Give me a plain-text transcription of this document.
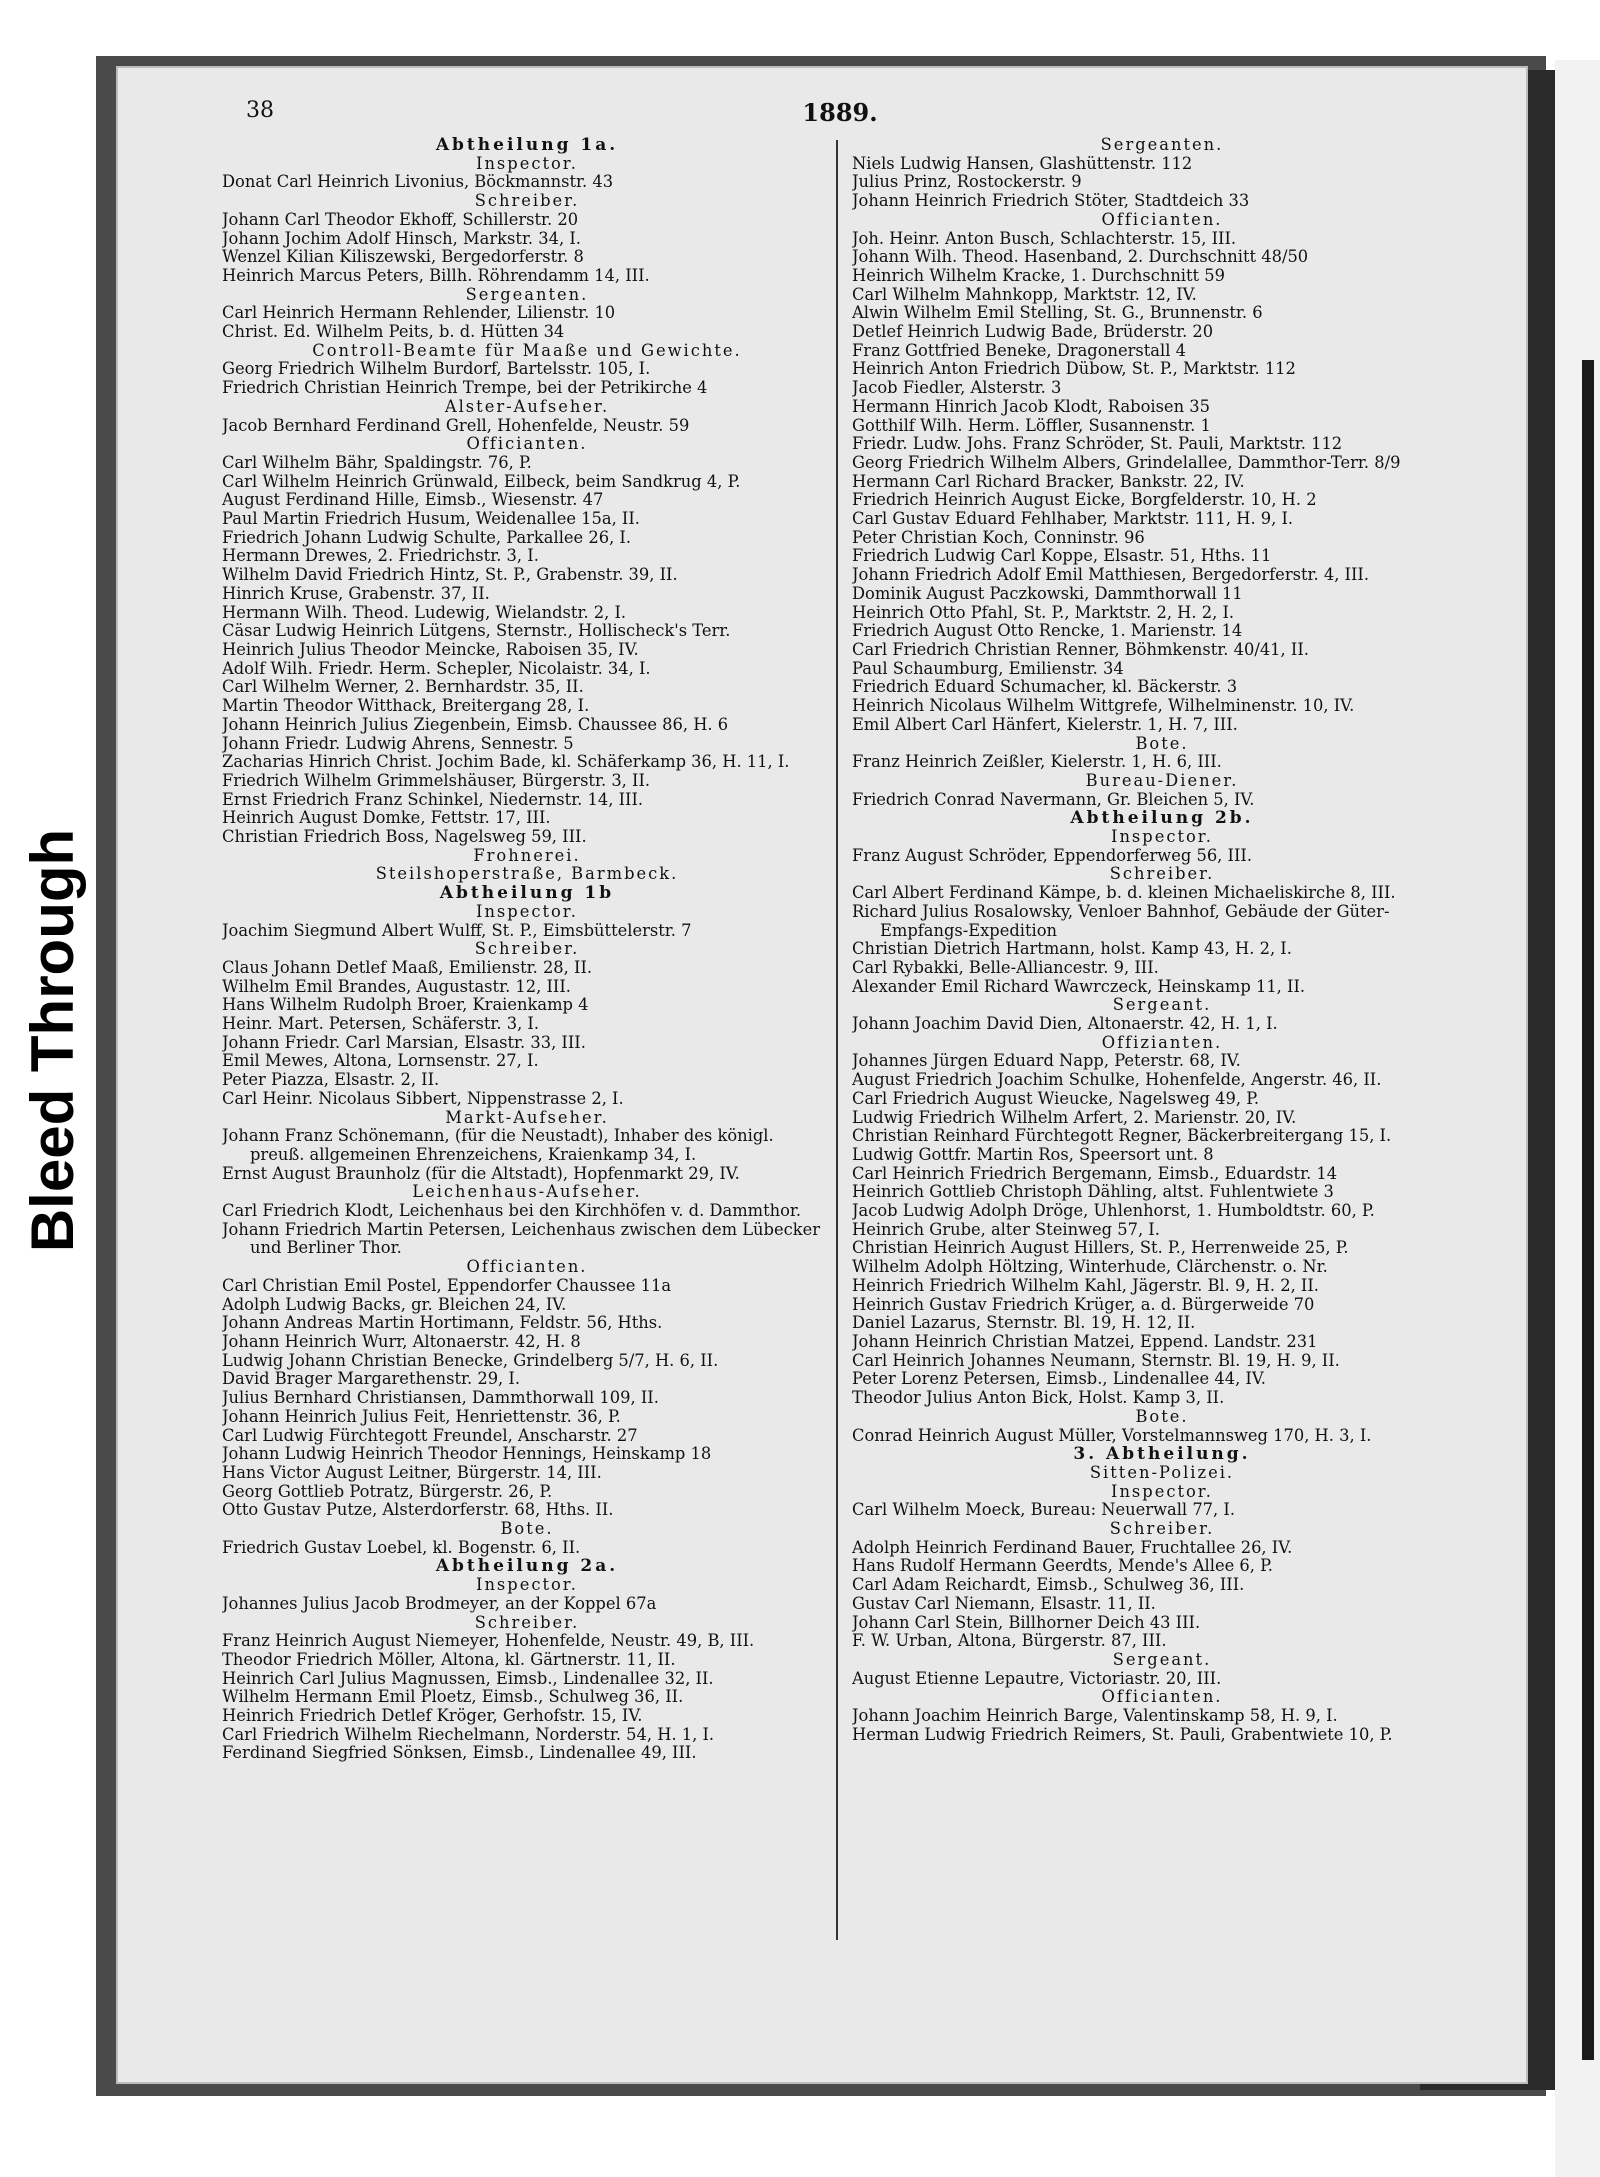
Bleed Through
38	1889.
Abtheilung 1a.
Inspector.
Donat Carl Heinrich Livonius, Böckmannstr. 43
Schreiber.
Johann Carl Theodor Ekhoff, Schillerstr. 20
Johann Jochim Adolf Hinsch, Markstr. 34, I.
Wenzel Kilian Kiliszewski, Bergedorferstr. 8
Heinrich Marcus Peters, Billh. Röhrendamm 14, III.
Sergeanten.
Carl Heinrich Hermann Rehlender, Lilienstr. 10
Christ. Ed. Wilhelm Peits, b. d. Hütten 34
Controll-Beamte für Maaße und Gewichte.
Georg Friedrich Wilhelm Burdorf, Bartelsstr. 105, I.
Friedrich Christian Heinrich Trempe, bei der Petrikirche 4
Alster-Aufseher.
Jacob Bernhard Ferdinand Grell, Hohenfelde, Neustr. 59
Officianten.
Carl Wilhelm Bähr, Spaldingstr. 76, P.
Carl Wilhelm Heinrich Grünwald, Eilbeck, beim Sandkrug 4, P.
August Ferdinand Hille, Eimsb., Wiesenstr. 47
Paul Martin Friedrich Husum, Weidenallee 15a, II.
Friedrich Johann Ludwig Schulte, Parkallee 26, I.
Hermann Drewes, 2. Friedrichstr. 3, I.
Wilhelm David Friedrich Hintz, St. P., Grabenstr. 39, II.
Hinrich Kruse, Grabenstr. 37, II.
Hermann Wilh. Theod. Ludewig, Wielandstr. 2, I.
Cäsar Ludwig Heinrich Lütgens, Sternstr., Hollischeck's Terr.
Heinrich Julius Theodor Meincke, Raboisen 35, IV.
Adolf Wilh. Friedr. Herm. Schepler, Nicolaistr. 34, I.
Carl Wilhelm Werner, 2. Bernhardstr. 35, II.
Martin Theodor Witthack, Breitergang 28, I.
Johann Heinrich Julius Ziegenbein, Eimsb. Chaussee 86, H. 6
Johann Friedr. Ludwig Ahrens, Sennestr. 5
Zacharias Hinrich Christ. Jochim Bade, kl. Schäferkamp 36, H. 11, I.
Friedrich Wilhelm Grimmelshäuser, Bürgerstr. 3, II.
Ernst Friedrich Franz Schinkel, Niedernstr. 14, III.
Heinrich August Domke, Fettstr. 17, III.
Christian Friedrich Boss, Nagelsweg 59, III.
Frohnerei.
Steilshoperstraße, Barmbeck.
Abtheilung 1b
Inspector.
Joachim Siegmund Albert Wulff, St. P., Eimsbüttelerstr. 7
Schreiber.
Claus Johann Detlef Maaß, Emilienstr. 28, II.
Wilhelm Emil Brandes, Augustastr. 12, III.
Hans Wilhelm Rudolph Broer, Kraienkamp 4
Heinr. Mart. Petersen, Schäferstr. 3, I.
Johann Friedr. Carl Marsian, Elsastr. 33, III.
Emil Mewes, Altona, Lornsenstr. 27, I.
Peter Piazza, Elsastr. 2, II.
Carl Heinr. Nicolaus Sibbert, Nippenstrasse 2, I.
Markt-Aufseher.
Johann Franz Schönemann, (für die Neustadt), Inhaber des königl.
preuß. allgemeinen Ehrenzeichens, Kraienkamp 34, I.
Ernst August Braunholz (für die Altstadt), Hopfenmarkt 29, IV.
Leichenhaus-Aufseher.
Carl Friedrich Klodt, Leichenhaus bei den Kirchhöfen v. d. Dammthor.
Johann Friedrich Martin Petersen, Leichenhaus zwischen dem Lübecker
und Berliner Thor.
Officianten.
Carl Christian Emil Postel, Eppendorfer Chaussee 11a
Adolph Ludwig Backs, gr. Bleichen 24, IV.
Johann Andreas Martin Hortimann, Feldstr. 56, Hths.
Johann Heinrich Wurr, Altonaerstr. 42, H. 8
Ludwig Johann Christian Benecke, Grindelberg 5/7, H. 6, II.
David Brager Margarethenstr. 29, I.
Julius Bernhard Christiansen, Dammthorwall 109, II.
Johann Heinrich Julius Feit, Henriettenstr. 36, P.
Carl Ludwig Fürchtegott Freundel, Anscharstr. 27
Johann Ludwig Heinrich Theodor Hennings, Heinskamp 18
Hans Victor August Leitner, Bürgerstr. 14, III.
Georg Gottlieb Potratz, Bürgerstr. 26, P.
Otto Gustav Putze, Alsterdorferstr. 68, Hths. II.
Bote.
Friedrich Gustav Loebel, kl. Bogenstr. 6, II.
Abtheilung 2a.
Inspector.
Johannes Julius Jacob Brodmeyer, an der Koppel 67a
Schreiber.
Franz Heinrich August Niemeyer, Hohenfelde, Neustr. 49, B, III.
Theodor Friedrich Möller, Altona, kl. Gärtnerstr. 11, II.
Heinrich Carl Julius Magnussen, Eimsb., Lindenallee 32, II.
Wilhelm Hermann Emil Ploetz, Eimsb., Schulweg 36, II.
Heinrich Friedrich Detlef Kröger, Gerhofstr. 15, IV.
Carl Friedrich Wilhelm Riechelmann, Norderstr. 54, H. 1, I.
Ferdinand Siegfried Sönksen, Eimsb., Lindenallee 49, III.
Sergeanten.
Niels Ludwig Hansen, Glashüttenstr. 112
Julius Prinz, Rostockerstr. 9
Johann Heinrich Friedrich Stöter, Stadtdeich 33
Officianten.
Joh. Heinr. Anton Busch, Schlachterstr. 15, III.
Johann Wilh. Theod. Hasenband, 2. Durchschnitt 48/50
Heinrich Wilhelm Kracke, 1. Durchschnitt 59
Carl Wilhelm Mahnkopp, Marktstr. 12, IV.
Alwin Wilhelm Emil Stelling, St. G., Brunnenstr. 6
Detlef Heinrich Ludwig Bade, Brüderstr. 20
Franz Gottfried Beneke, Dragonerstall 4
Heinrich Anton Friedrich Dübow, St. P., Marktstr. 112
Jacob Fiedler, Alsterstr. 3
Hermann Hinrich Jacob Klodt, Raboisen 35
Gotthilf Wilh. Herm. Löffler, Susannenstr. 1
Friedr. Ludw. Johs. Franz Schröder, St. Pauli, Marktstr. 112
Georg Friedrich Wilhelm Albers, Grindelallee, Dammthor-Terr. 8/9
Hermann Carl Richard Bracker, Bankstr. 22, IV.
Friedrich Heinrich August Eicke, Borgfelderstr. 10, H. 2
Carl Gustav Eduard Fehlhaber, Marktstr. 111, H. 9, I.
Peter Christian Koch, Conninstr. 96
Friedrich Ludwig Carl Koppe, Elsastr. 51, Hths. 11
Johann Friedrich Adolf Emil Matthiesen, Bergedorferstr. 4, III.
Dominik August Paczkowski, Dammthorwall 11
Heinrich Otto Pfahl, St. P., Marktstr. 2, H. 2, I.
Friedrich August Otto Rencke, 1. Marienstr. 14
Carl Friedrich Christian Renner, Böhmkenstr. 40/41, II.
Paul Schaumburg, Emilienstr. 34
Friedrich Eduard Schumacher, kl. Bäckerstr. 3
Heinrich Nicolaus Wilhelm Wittgrefe, Wilhelminenstr. 10, IV.
Emil Albert Carl Hänfert, Kielerstr. 1, H. 7, III.
Bote.
Franz Heinrich Zeißler, Kielerstr. 1, H. 6, III.
Bureau-Diener.
Friedrich Conrad Navermann, Gr. Bleichen 5, IV.
Abtheilung 2b.
Inspector.
Franz August Schröder, Eppendorferweg 56, III.
Schreiber.
Carl Albert Ferdinand Kämpe, b. d. kleinen Michaeliskirche 8, III.
Richard Julius Rosalowsky, Venloer Bahnhof, Gebäude der Güter-
Empfangs-Expedition
Christian Dietrich Hartmann, holst. Kamp 43, H. 2, I.
Carl Rybakki, Belle-Alliancestr. 9, III.
Alexander Emil Richard Wawrczeck, Heinskamp 11, II.
Sergeant.
Johann Joachim David Dien, Altonaerstr. 42, H. 1, I.
Offizianten.
Johannes Jürgen Eduard Napp, Peterstr. 68, IV.
August Friedrich Joachim Schulke, Hohenfelde, Angerstr. 46, II.
Carl Friedrich August Wieucke, Nagelsweg 49, P.
Ludwig Friedrich Wilhelm Arfert, 2. Marienstr. 20, IV.
Christian Reinhard Fürchtegott Regner, Bäckerbreitergang 15, I.
Ludwig Gottfr. Martin Ros, Speersort unt. 8
Carl Heinrich Friedrich Bergemann, Eimsb., Eduardstr. 14
Heinrich Gottlieb Christoph Dähling, altst. Fuhlentwiete 3
Jacob Ludwig Adolph Dröge, Uhlenhorst, 1. Humboldtstr. 60, P.
Heinrich Grube, alter Steinweg 57, I.
Christian Heinrich August Hillers, St. P., Herrenweide 25, P.
Wilhelm Adolph Höltzing, Winterhude, Clärchenstr. o. Nr.
Heinrich Friedrich Wilhelm Kahl, Jägerstr. Bl. 9, H. 2, II.
Heinrich Gustav Friedrich Krüger, a. d. Bürgerweide 70
Daniel Lazarus, Sternstr. Bl. 19, H. 12, II.
Johann Heinrich Christian Matzei, Eppend. Landstr. 231
Carl Heinrich Johannes Neumann, Sternstr. Bl. 19, H. 9, II.
Peter Lorenz Petersen, Eimsb., Lindenallee 44, IV.
Theodor Julius Anton Bick, Holst. Kamp 3, II.
Bote.
Conrad Heinrich August Müller, Vorstelmannsweg 170, H. 3, I.
3. Abtheilung.
Sitten-Polizei.
Inspector.
Carl Wilhelm Moeck, Bureau: Neuerwall 77, I.
Schreiber.
Adolph Heinrich Ferdinand Bauer, Fruchtallee 26, IV.
Hans Rudolf Hermann Geerdts, Mende's Allee 6, P.
Carl Adam Reichardt, Eimsb., Schulweg 36, III.
Gustav Carl Niemann, Elsastr. 11, II.
Johann Carl Stein, Billhorner Deich 43 III.
F. W. Urban, Altona, Bürgerstr. 87, III.
Sergeant.
August Etienne Lepautre, Victoriastr. 20, III.
Officianten.
Johann Joachim Heinrich Barge, Valentinskamp 58, H. 9, I.
Herman Ludwig Friedrich Reimers, St. Pauli, Grabentwiete 10, P.
